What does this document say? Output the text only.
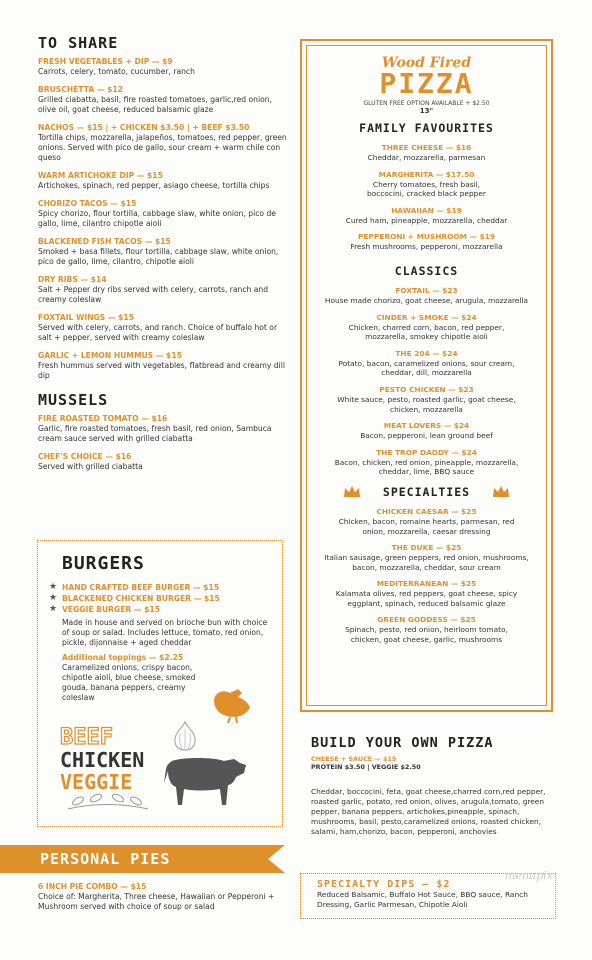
TO SHARE
FRESH VEGETABLES + DIP — $9
Carrots, celery, tomato, cucumber, ranch
BRUSCHETTA — $12
Grilled ciabatta, basil, fire roasted tomatoes, garlic,red onion, olive oil, goat cheese, reduced balsamic glaze
NACHOS — $15 | + CHICKEN $3.50 | + BEEF $3.50
Tortilla chips, mozzarella, jalapeños, tomatoes, red pepper, green onions. Served with pico de gallo, sour cream + warm chile con queso
WARM ARTICHOKE DIP — $15
Artichokes, spinach, red pepper, asiago cheese, tortilla chips
CHORIZO TACOS — $15
Spicy chorizo, flour tortilla, cabbage slaw, white onion, pico de gallo, lime, cilantro chipotle aioli
BLACKENED FISH TACOS — $15
Smoked + basa fillets, flour tortilla, cabbage slaw, white onion, pico de gallo, lime, cilantro, chipotle aioli
DRY RIBS — $14
Salt + Pepper dry ribs served with celery, carrots, ranch and creamy coleslaw
FOXTAIL WINGS — $15
Served with celery, carrots, and ranch. Choice of buffalo hot or salt + pepper, served with creamy coleslaw
GARLIC + LEMON HUMMUS — $15
Fresh hummus served with vegetables, flatbread and creamy dill dip
MUSSELS
FIRE ROASTED TOMATO — $16
Garlic, fire roasted tomatoes, fresh basil, red onion, Sambuca cream sauce served with grilled ciabatta
CHEF'S CHOICE — $16
Served with grilled ciabatta
BURGERS
★ HAND CRAFTED BEEF BURGER — $15
★ BLACKENED CHICKEN BURGER — $15
★ VEGGIE BURGER — $15
Made in house and served on brioche bun with choice of soup or salad. Includes lettuce, tomato, red onion, pickle, dijonnaise + aged cheddar
Additional toppings — $2.25
Caramelized onions, crispy bacon, chipotle aioli, blue cheese, smoked gouda, banana peppers, creamy coleslaw
BEEF
CHICKEN
VEGGIE
PERSONAL PIES
6 INCH PIE COMBO — $15
Choice of: Margherita, Three cheese, Hawaiian or Pepperoni + Mushroom served with choice of soup or salad
Wood Fired
PIZZA
GLUTEN FREE OPTION AVAILABLE + $2.50
13"
FAMILY FAVOURITES
THREE CHEESE — $16
Cheddar, mozzarella, parmesan
MARGHERITA — $17.50
Cherry tomatoes, fresh basil, boccocini, cracked black pepper
HAWAIIAN — $19
Cured ham, pineapple, mozzarella, cheddar
PEPPERONI + MUSHROOM — $19
Fresh mushrooms, pepperoni, mozzarella
CLASSICS
FOXTAIL — $23
House made chorizo, goat cheese, arugula, mozzarella
CINDER + SMOKE — $24
Chicken, charred corn, bacon, red pepper, mozzarella, smokey chipotle aioli
THE 204 — $24
Potato, bacon, caramelized onions, sour cream, cheddar, dill, mozzarella
PESTO CHICKEN — $23
White sauce, pesto, roasted garlic, goat cheese, chicken, mozzarella
MEAT LOVERS — $24
Bacon, pepperoni, lean ground beef
THE TROP DADDY — $24
Bacon, chicken, red onion, pineapple, mozzarella, cheddar, lime, BBQ sauce
SPECIALTIES
CHICKEN CAESAR — $25
Chicken, bacon, romaine hearts, parmesan, red onion, mozzarella, caesar dressing
THE DUKE — $25
Italian sausage, green peppers, red onion, mushrooms, bacon, mozzarella, cheddar, sour cream
MEDITERRANEAN — $25
Kalamata olives, red peppers, goat cheese, spicy eggplant, spinach, reduced balsamic glaze
GREEN GODDESS — $25
Spinach, pesto, red onion, heirloom tomato, chicken, goat cheese, garlic, mushrooms
BUILD YOUR OWN PIZZA
CHEESE + SAUCE — $15
PROTEIN $3.50 | VEGGIE $2.50
Cheddar, boccocini, feta, goat cheese,charred corn,red pepper, roasted garlic, potato, red onion, olives, arugula,tomato, green pepper, banana peppers, artichokes,pineapple, spinach, mushrooms, basil, pesto,caramelized onions, roasted chicken, salami, ham,chorizo, bacon, pepperoni, anchovies
SPECIALTY DIPS — $2
Reduced Balsamic, Buffalo Hot Sauce, BBQ sauce, Ranch Dressing, Garlic Parmesan, Chipotle Aioli
menupix
